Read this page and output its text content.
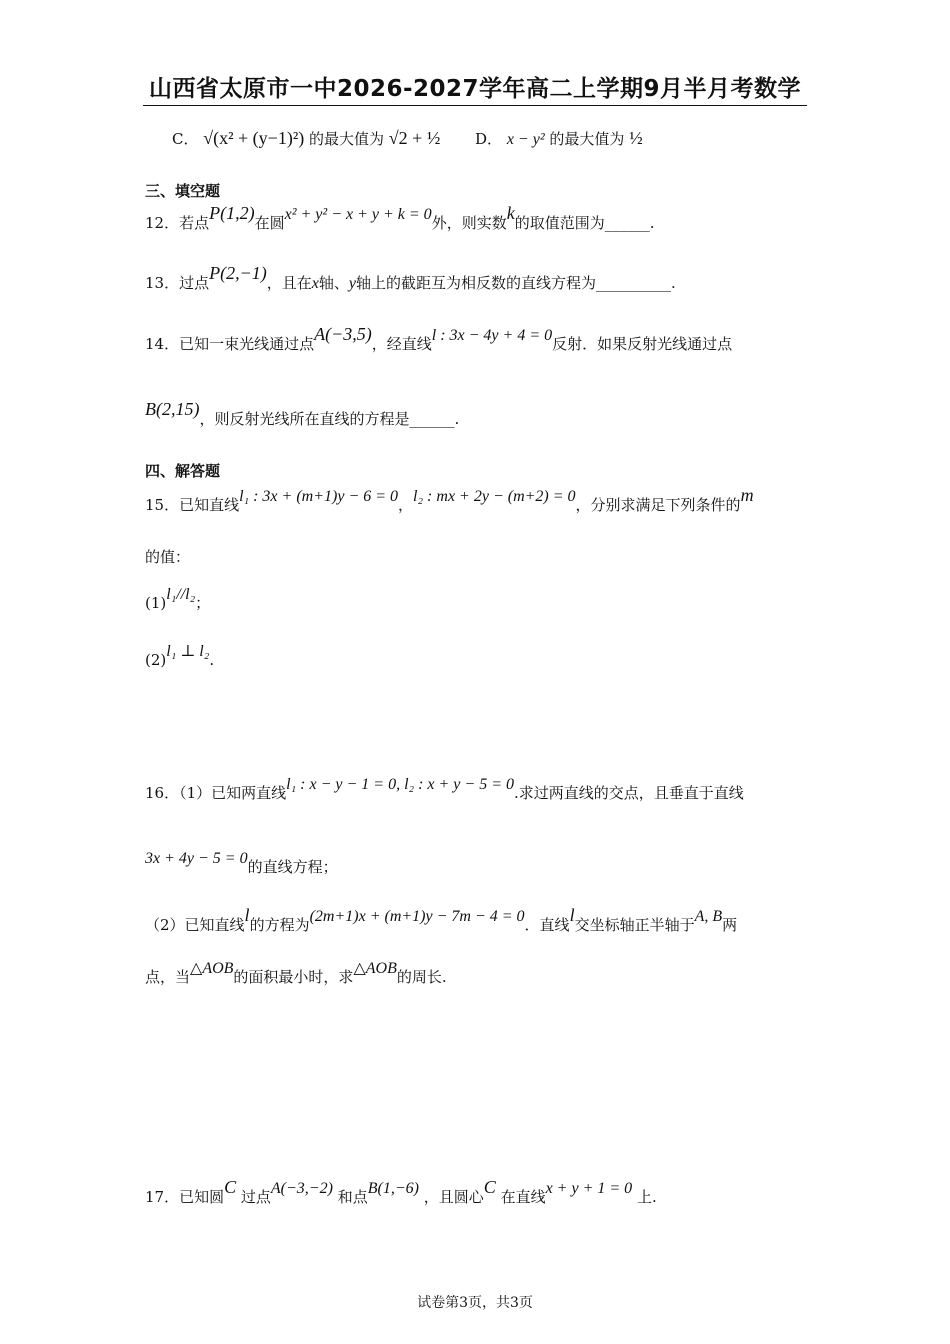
山西省太原市一中2026-2027学年高二上学期9月半月考数学
C． √(x² + (y−1)²) 的最大值为 √2 + ½ D． x − y² 的最大值为 ½
三、填空题
12．若点P(1,2)在圆x² + y² − x + y + k = 0外，则实数k的取值范围为______.
13．过点P(2,−1)，且在x轴、y轴上的截距互为相反数的直线方程为__________.
14．已知一束光线通过点A(−3,5)，经直线l : 3x − 4y + 4 = 0反射．如果反射光线通过点
B(2,15)，则反射光线所在直线的方程是______.
四、解答题
15．已知直线l₁ : 3x + (m+1)y − 6 = 0，l₂ : mx + 2y − (m+2) = 0，分别求满足下列条件的m
的值：
(1)l₁//l₂；
(2)l₁ ⊥ l₂.
16．（1）已知两直线l₁ : x − y − 1 = 0, l₂ : x + y − 5 = 0.求过两直线的交点，且垂直于直线
3x + 4y − 5 = 0的直线方程；
（2）已知直线l的方程为(2m+1)x + (m+1)y − 7m − 4 = 0．直线l交坐标轴正半轴于A, B两
点，当△AOB的面积最小时，求△AOB的周长.
17．已知圆C 过点A(−3,−2) 和点B(1,−6) ，且圆心C 在直线x + y + 1 = 0 上.
试卷第3页，共3页
